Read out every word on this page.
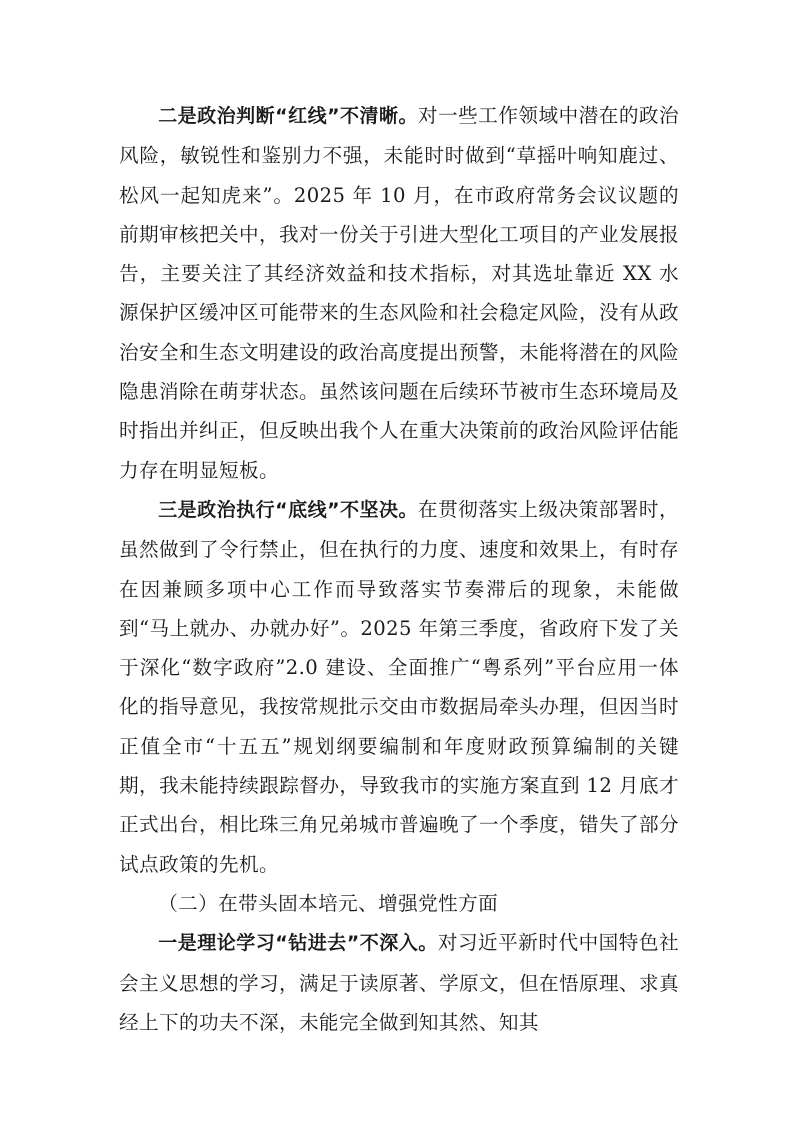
二是政治判断“红线”不清晰。对一些工作领域中潜在的政治风险，敏锐性和鉴别力不强，未能时时做到“草摇叶响知鹿过、松风一起知虎来”。2025 年 10 月，在市政府常务会议议题的前期审核把关中，我对一份关于引进大型化工项目的产业发展报告，主要关注了其经济效益和技术指标，对其选址靠近 XX 水源保护区缓冲区可能带来的生态风险和社会稳定风险，没有从政治安全和生态文明建设的政治高度提出预警，未能将潜在的风险隐患消除在萌芽状态。虽然该问题在后续环节被市生态环境局及时指出并纠正，但反映出我个人在重大决策前的政治风险评估能力存在明显短板。

三是政治执行“底线”不坚决。在贯彻落实上级决策部署时，虽然做到了令行禁止，但在执行的力度、速度和效果上，有时存在因兼顾多项中心工作而导致落实节奏滞后的现象，未能做到“马上就办、办就办好”。2025 年第三季度，省政府下发了关于深化“数字政府”2.0 建设、全面推广“粤系列”平台应用一体化的指导意见，我按常规批示交由市数据局牵头办理，但因当时正值全市“十五五”规划纲要编制和年度财政预算编制的关键期，我未能持续跟踪督办，导致我市的实施方案直到 12 月底才正式出台，相比珠三角兄弟城市普遍晚了一个季度，错失了部分试点政策的先机。

（二）在带头固本培元、增强党性方面

一是理论学习“钻进去”不深入。对习近平新时代中国特色社会主义思想的学习，满足于读原著、学原文，但在悟原理、求真经上下的功夫不深，未能完全做到知其然、知其
